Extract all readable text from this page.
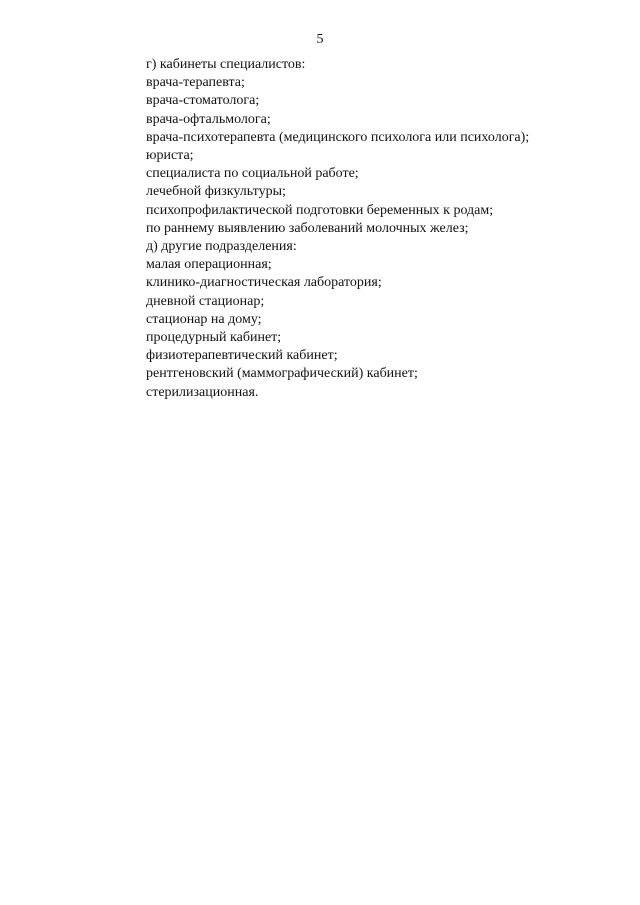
5
г) кабинеты специалистов:
врача-терапевта;
врача-стоматолога;
врача-офтальмолога;
врача-психотерапевта (медицинского психолога или психолога);
юриста;
специалиста по социальной работе;
лечебной физкультуры;
психопрофилактической подготовки беременных к родам;
по раннему выявлению заболеваний молочных желез;
д) другие подразделения:
малая операционная;
клинико-диагностическая лаборатория;
дневной стационар;
стационар на дому;
процедурный кабинет;
физиотерапевтический кабинет;
рентгеновский (маммографический) кабинет;
стерилизационная.
